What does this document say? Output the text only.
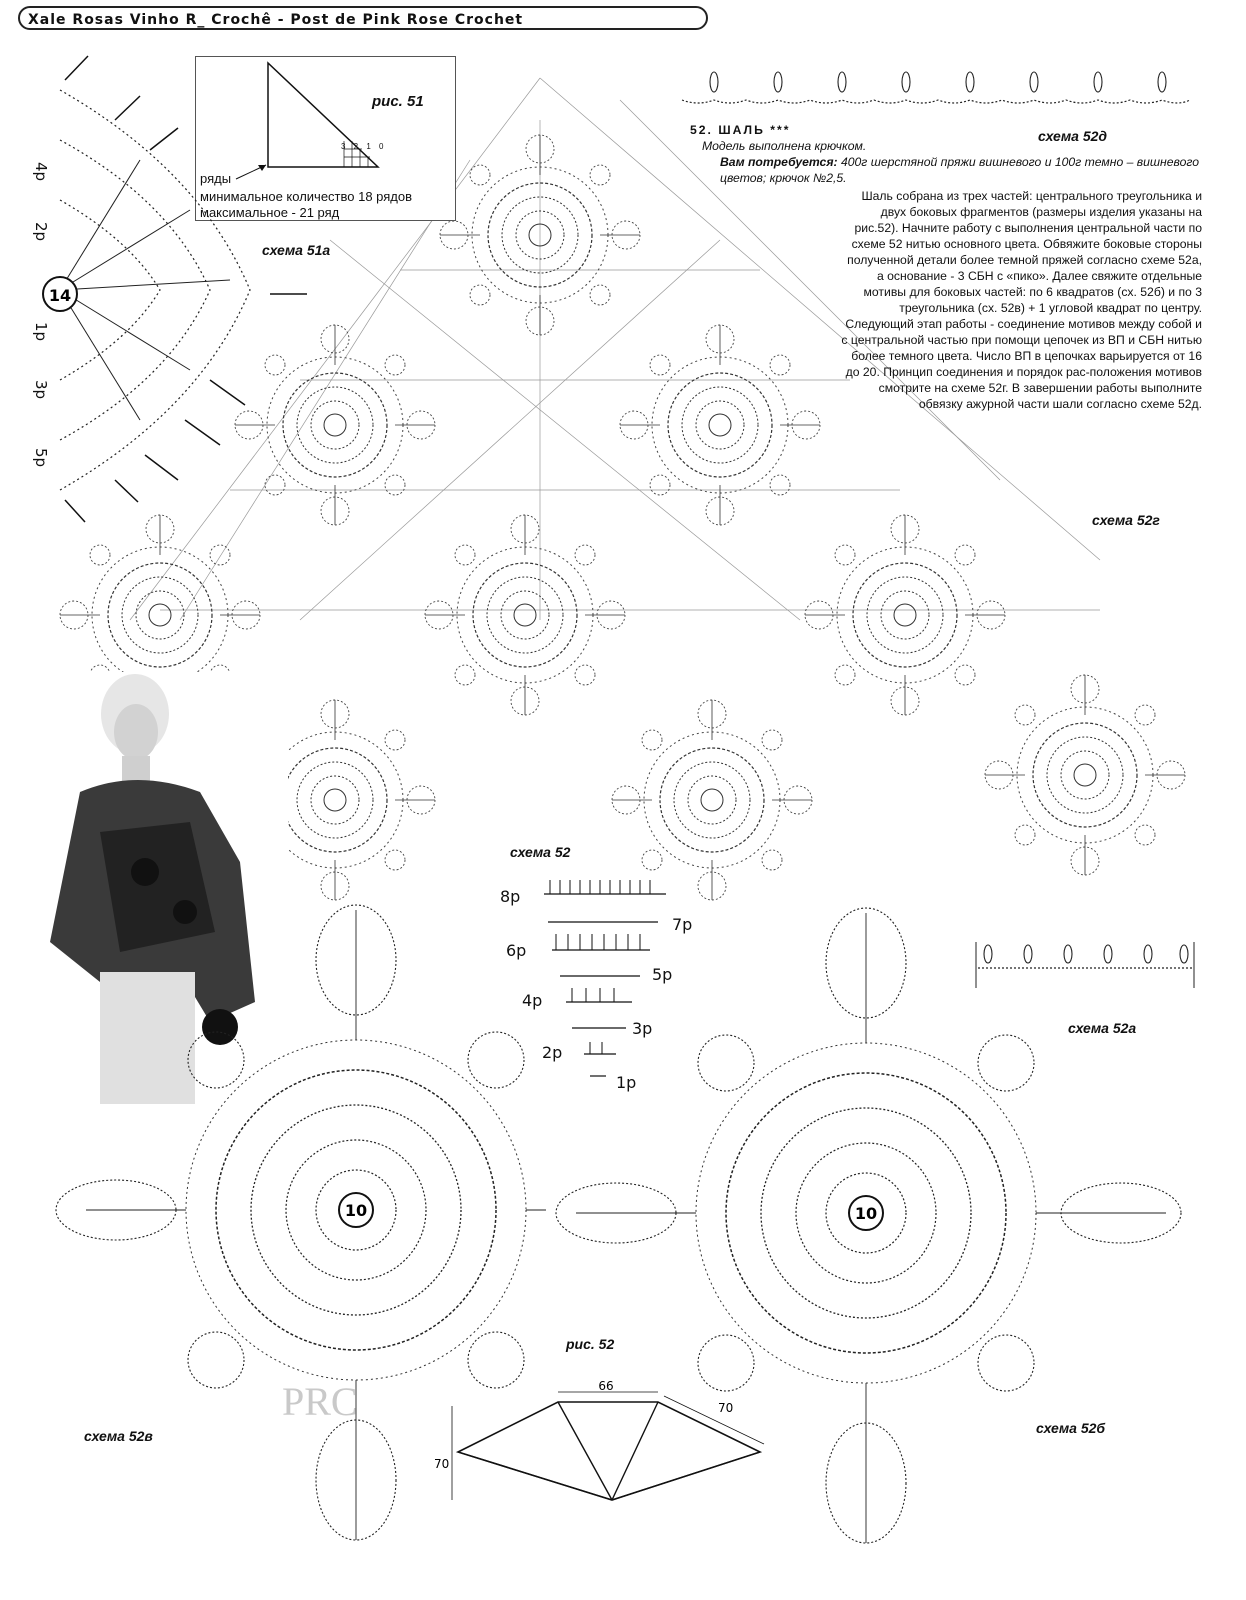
Xale Rosas Vinho R_ Crochê - Post de Pink Rose Crochet
рис. 51
3 2 1 0
ряды
минимальное количество 18 рядов
максимальное - 21 ряд
14
4р
2р
1р
3р
5р
схема 51а
схема 52д
52. ШАЛЬ ***
Модель выполнена крючком.
Вам потребуется: 400г шерстяной пряжи вишневого и 100г темно – вишневого цветов; крючок №2,5.
Шаль собрана из трех частей: центрального треугольника и двух боковых фрагментов (размеры изделия указаны на рис.52). Начните работу с выполнения центральной части по схеме 52 нитью основного цвета. Обвяжите боковые стороны полученной детали более темной пряжей согласно схеме 52а, а основание - 3 СБН с «пико». Далее свяжите отдельные мотивы для боковых частей: по 6 квадратов (сх. 52б) и по 3 треугольника (сх. 52в) + 1 угловой квадрат по центру. Следующий этап работы - соединение мотивов между собой и с центральной частью при помощи цепочек из ВП и СБН нитью более темного цвета. Число ВП в цепочках варьируется от 16 до 20. Принцип соединения и порядок рас-положения мотивов смотрите на схеме 52г. В завершении работы выполните обвязку ажурной части шали согласно схеме 52д.
схема 52г
схема 52
8р
7р
6р
5р
4р
3р
2р
1р
схема 52а
10
PRC
схема 52в
10
схема 52б
рис. 52
66
70
70
